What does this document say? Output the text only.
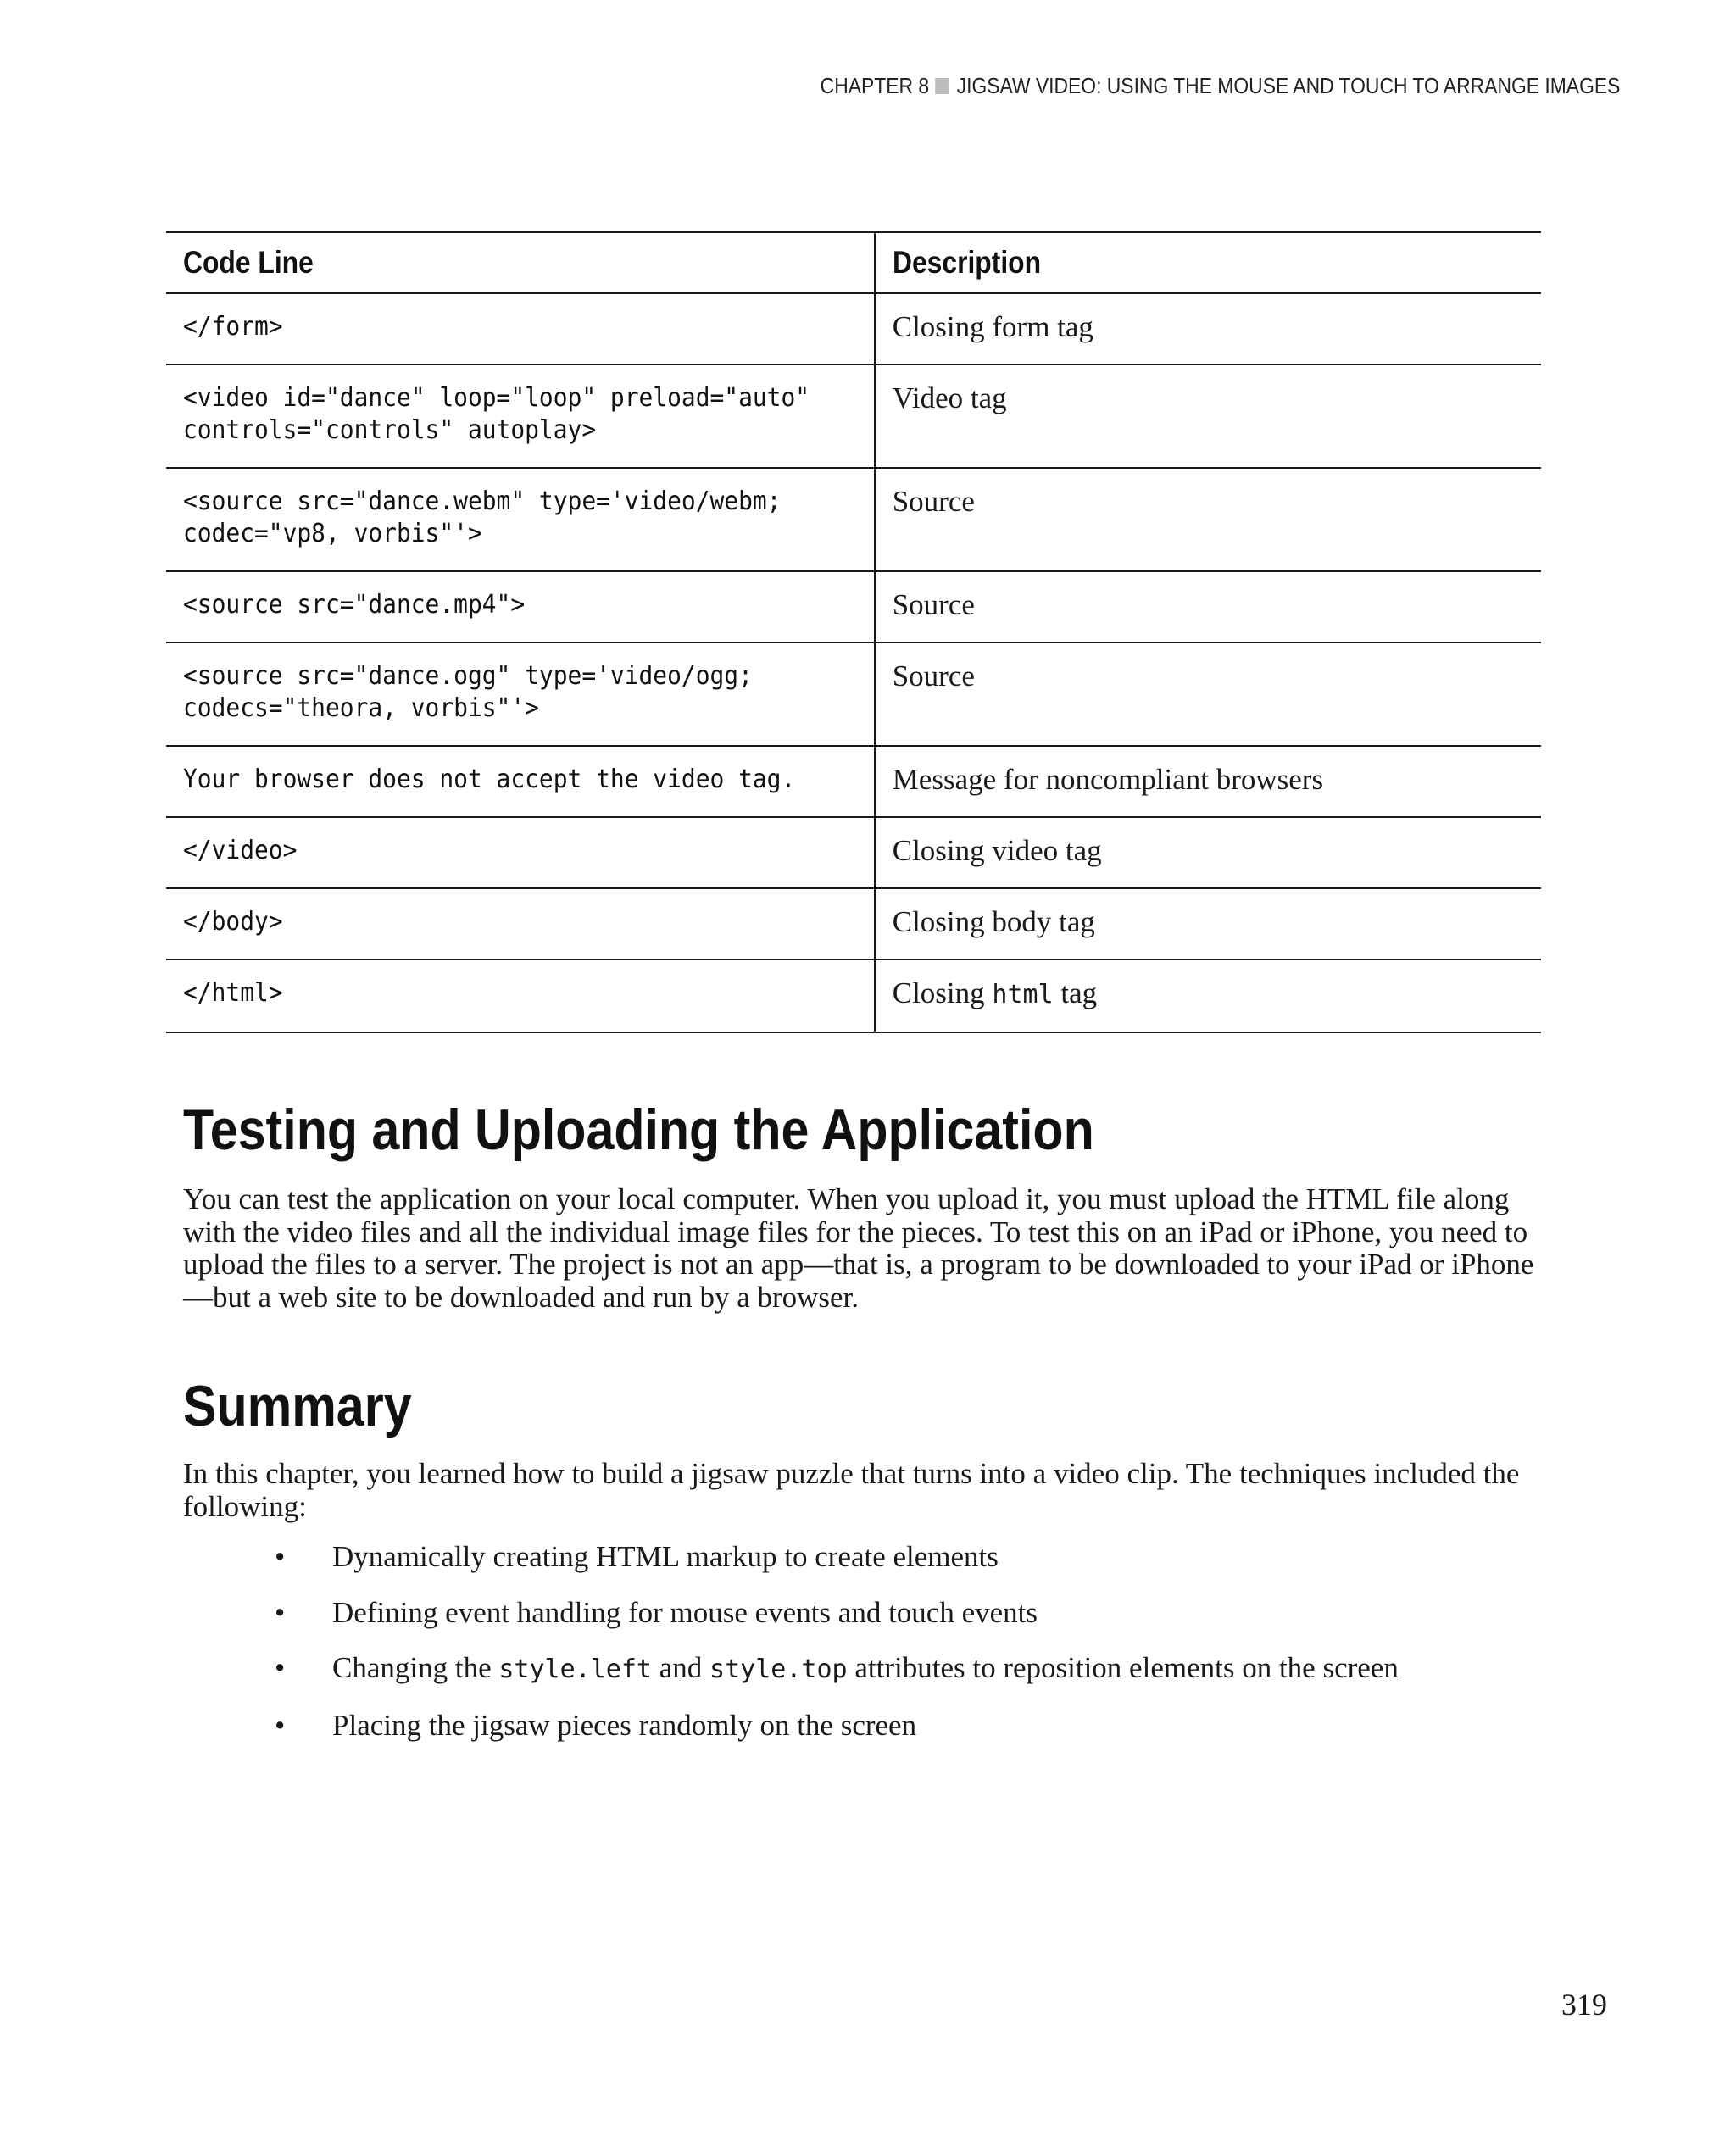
CHAPTER 8 JIGSAW VIDEO: USING THE MOUSE AND TOUCH TO ARRANGE IMAGES
Code Line	Description
</form>	Closing form tag
<video id="dance" loop="loop" preload="auto"
controls="controls" autoplay>	Video tag
<source src="dance.webm" type='video/webm;
codec="vp8, vorbis"'>	Source
<source src="dance.mp4">	Source
<source src="dance.ogg" type='video/ogg;
codecs="theora, vorbis"'>	Source
Your browser does not accept the video tag.	Message for noncompliant browsers
</video>	Closing video tag
</body>	Closing body tag
</html>	Closing html tag
Testing and Uploading the Application

You can test the application on your local computer. When you upload it, you must upload the HTML file along with the video files and all the individual image files for the pieces. To test this on an iPad or iPhone, you need to upload the files to a server. The project is not an app—that is, a program to be downloaded to your iPad or iPhone—but a web site to be downloaded and run by a browser.

Summary

In this chapter, you learned how to build a jigsaw puzzle that turns into a video clip. The techniques included the following:

• Dynamically creating HTML markup to create elements
• Defining event handling for mouse events and touch events
• Changing the style.left and style.top attributes to reposition elements on the screen
• Placing the jigsaw pieces randomly on the screen
319
